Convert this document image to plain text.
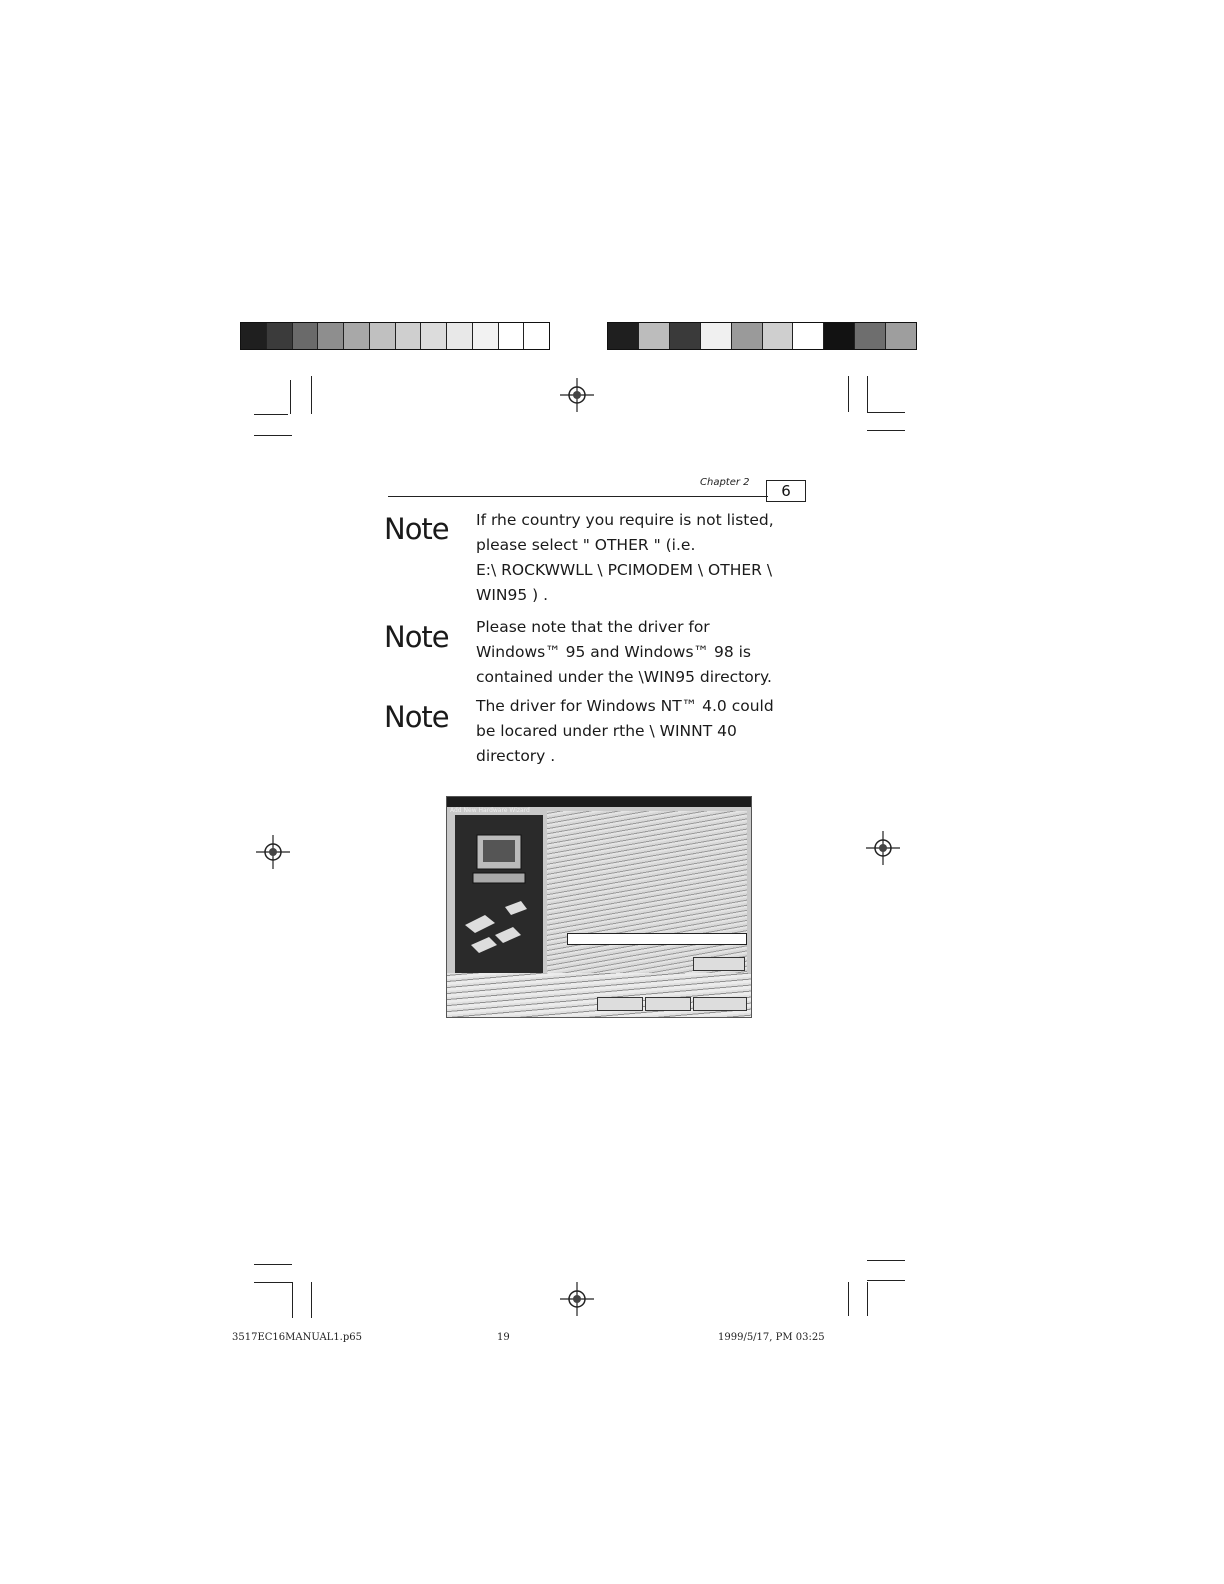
Chapter 2	6
Note If rhe country you require is not listed,
please select " OTHER " (i.e.
E:\ ROCKWWLL \ PCIMODEM \ OTHER \
WIN95 ) .
Note Please note that the driver for
Windows™ 95 and Windows™ 98 is
contained under the \WIN95 directory.
Note The driver for Windows NT™ 4.0 could
be locared under rthe \ WINNT 40
directory .
Add New Hardware Wizard
3517EC16MANUAL1.p65	19	1999/5/17, PM 03:25
